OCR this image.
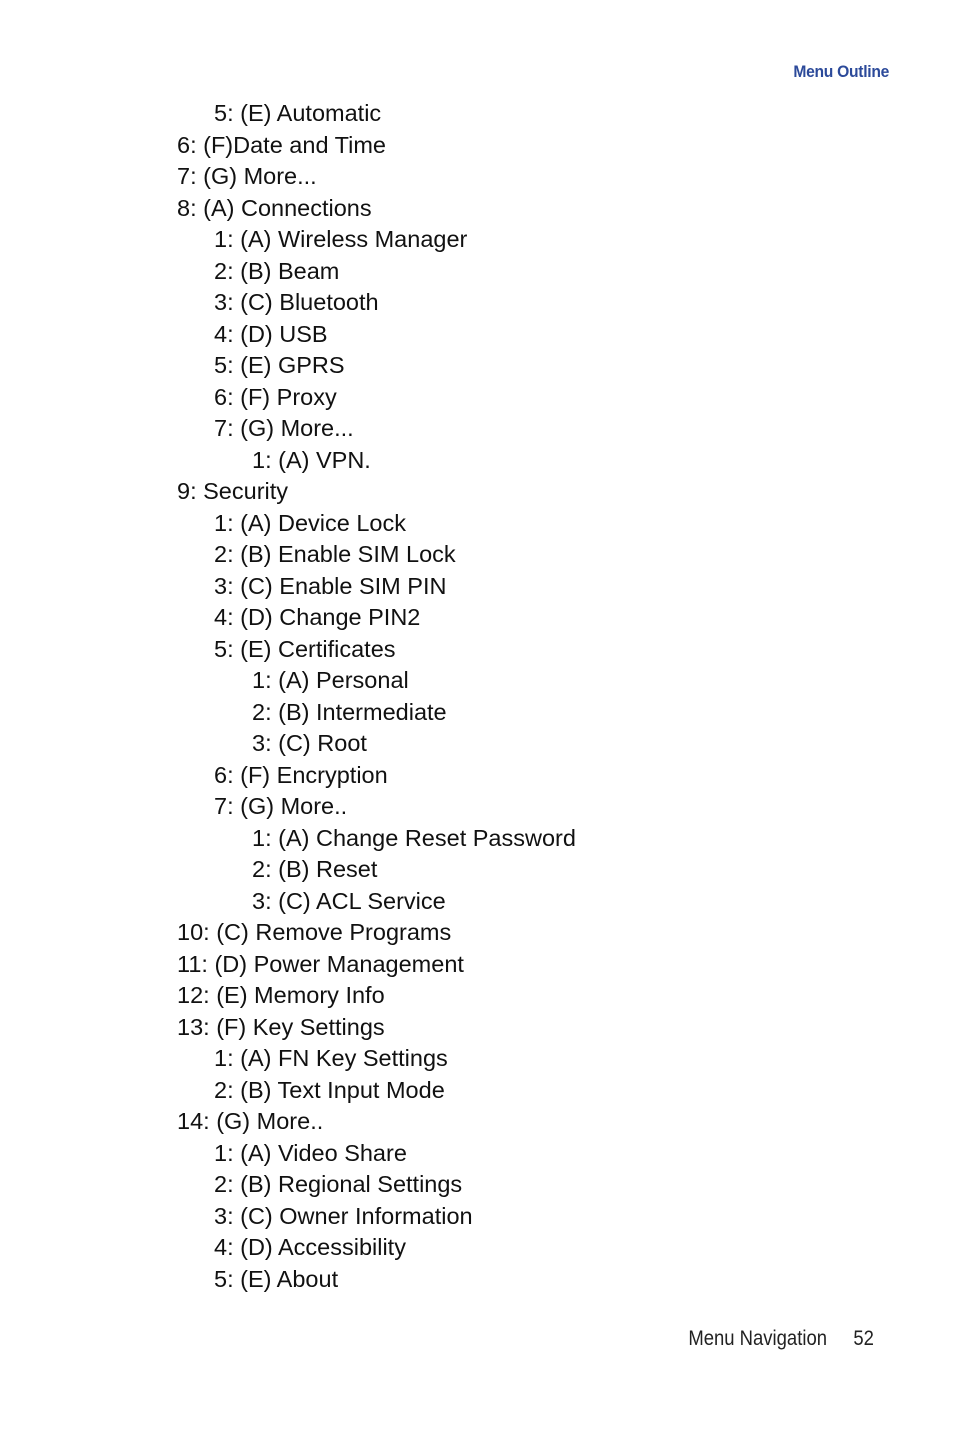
Menu Outline
5: (E) Automatic
6: (F)Date and Time
7: (G) More...
8: (A) Connections
1: (A) Wireless Manager
2: (B) Beam
3: (C) Bluetooth
4: (D) USB
5: (E) GPRS
6: (F) Proxy
7: (G) More...
1: (A) VPN.
9: Security
1: (A) Device Lock
2: (B) Enable SIM Lock
3: (C) Enable SIM PIN
4: (D) Change PIN2
5: (E) Certificates
1: (A) Personal
2: (B) Intermediate
3: (C) Root
6: (F) Encryption
7: (G) More..
1: (A) Change Reset Password
2: (B) Reset
3: (C) ACL Service
10: (C) Remove Programs
11: (D) Power Management
12: (E) Memory Info
13: (F) Key Settings
1: (A) FN Key Settings
2: (B) Text Input Mode
14: (G) More..
1: (A) Video Share
2: (B) Regional Settings
3: (C) Owner Information
4: (D) Accessibility
5: (E) About
Menu Navigation 52
